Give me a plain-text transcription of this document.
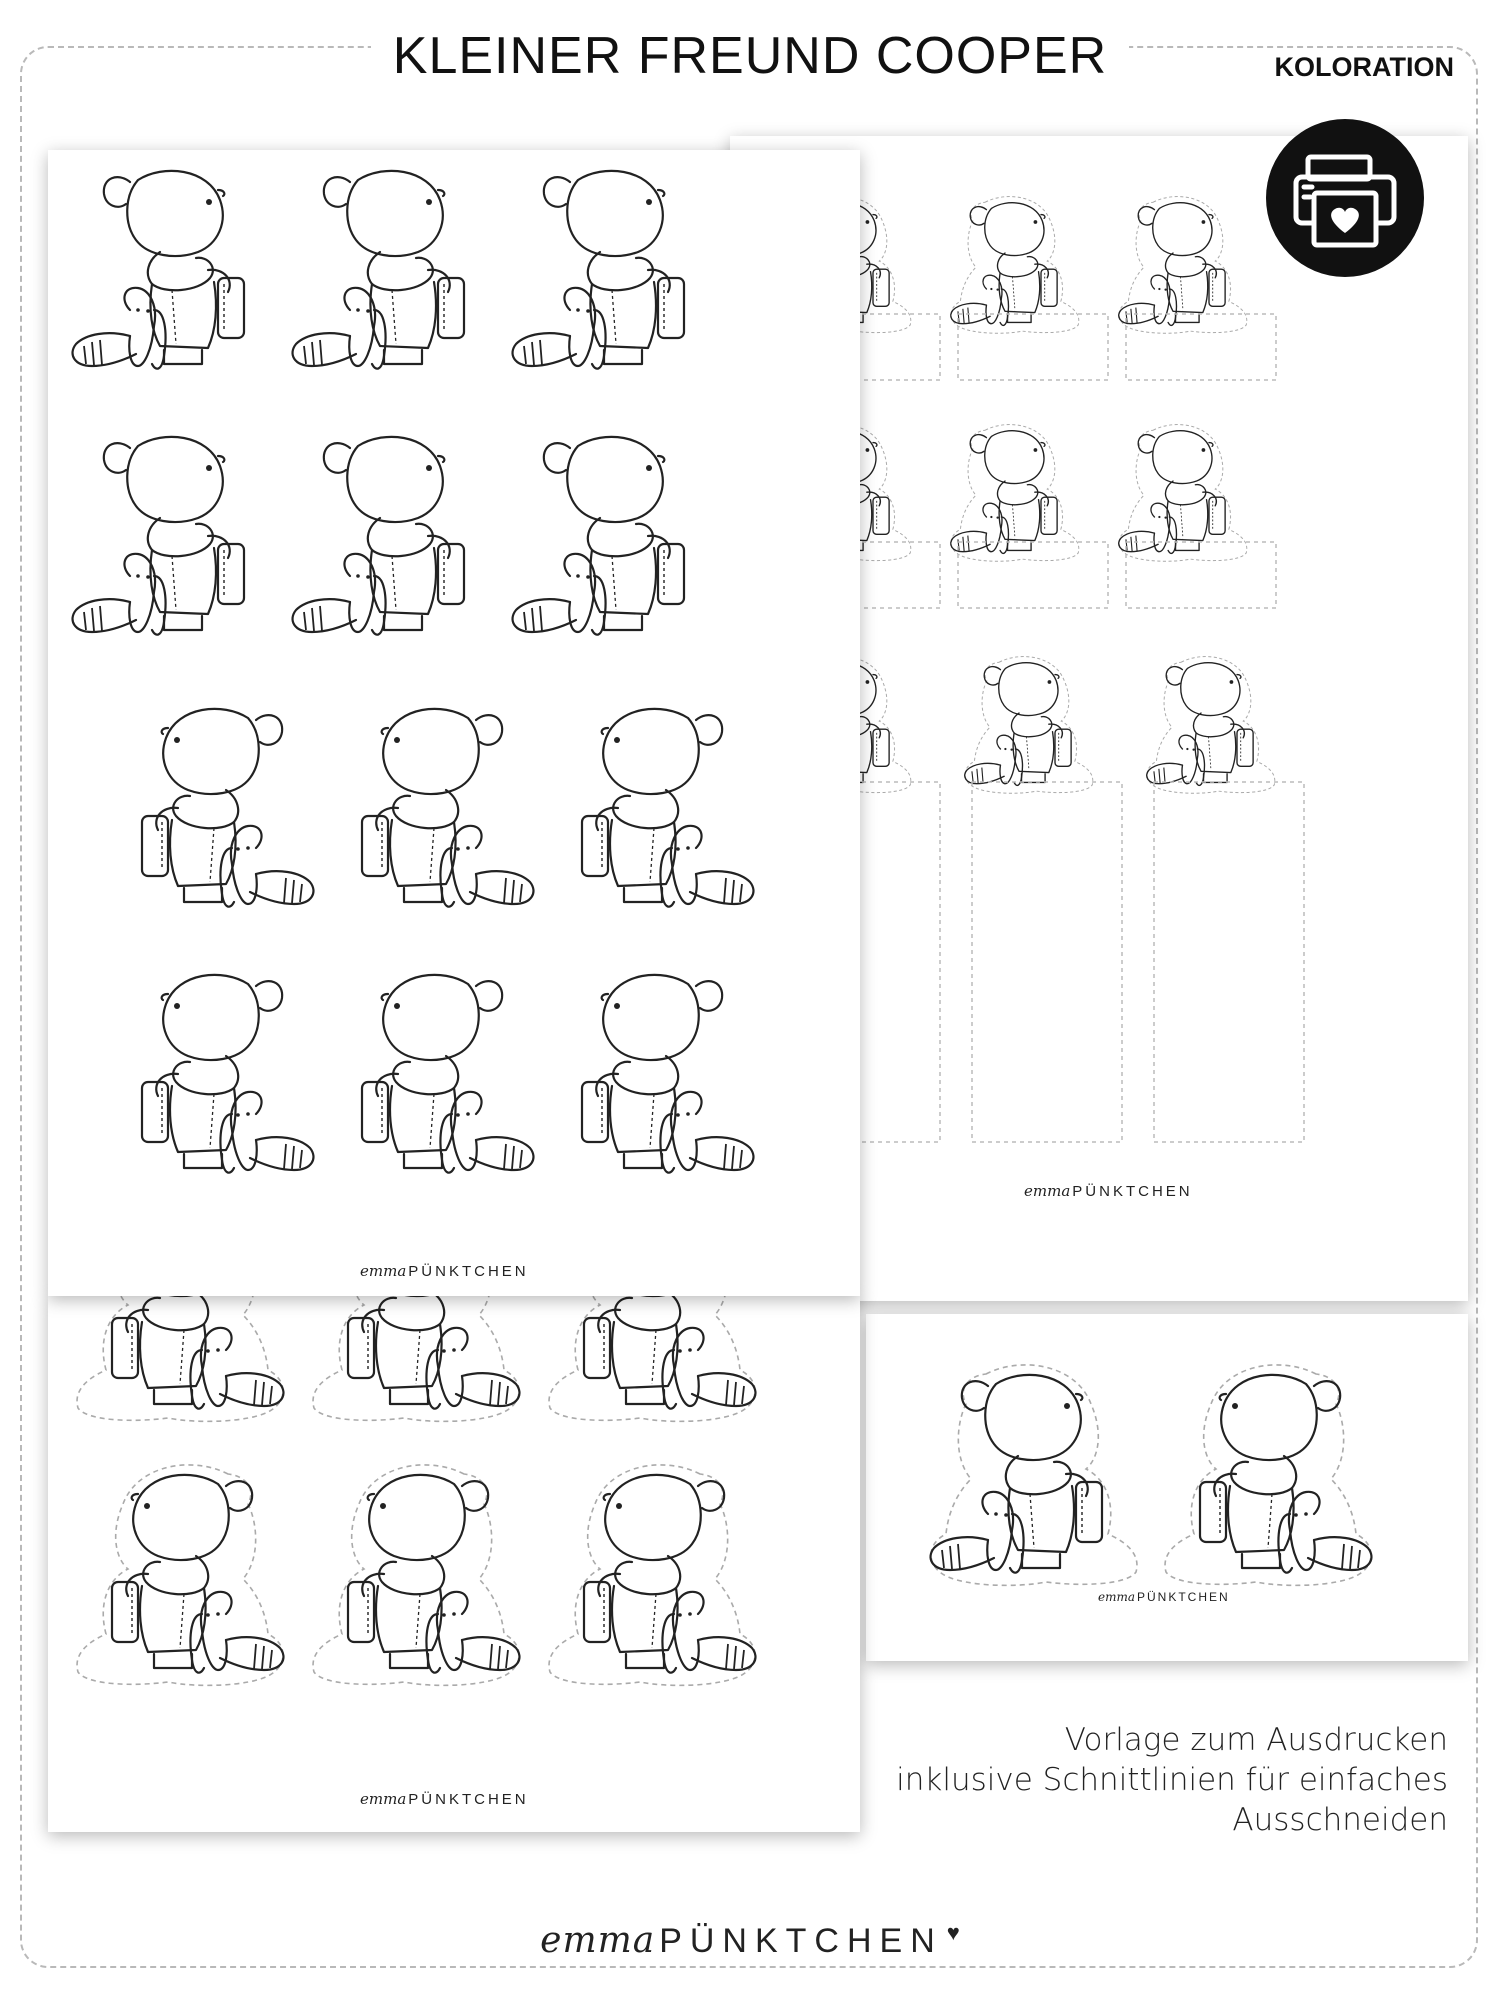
KLEINER FREUND COOPER	KOLORATION
emma PÜNKTCHEN
emma PÜNKTCHEN
emma PÜNKTCHEN
emma PÜNKTCHEN
Vorlage zum Ausdrucken
inklusive Schnittlinien für einfaches
Ausschneiden
emma PÜNKTCHEN ♥
